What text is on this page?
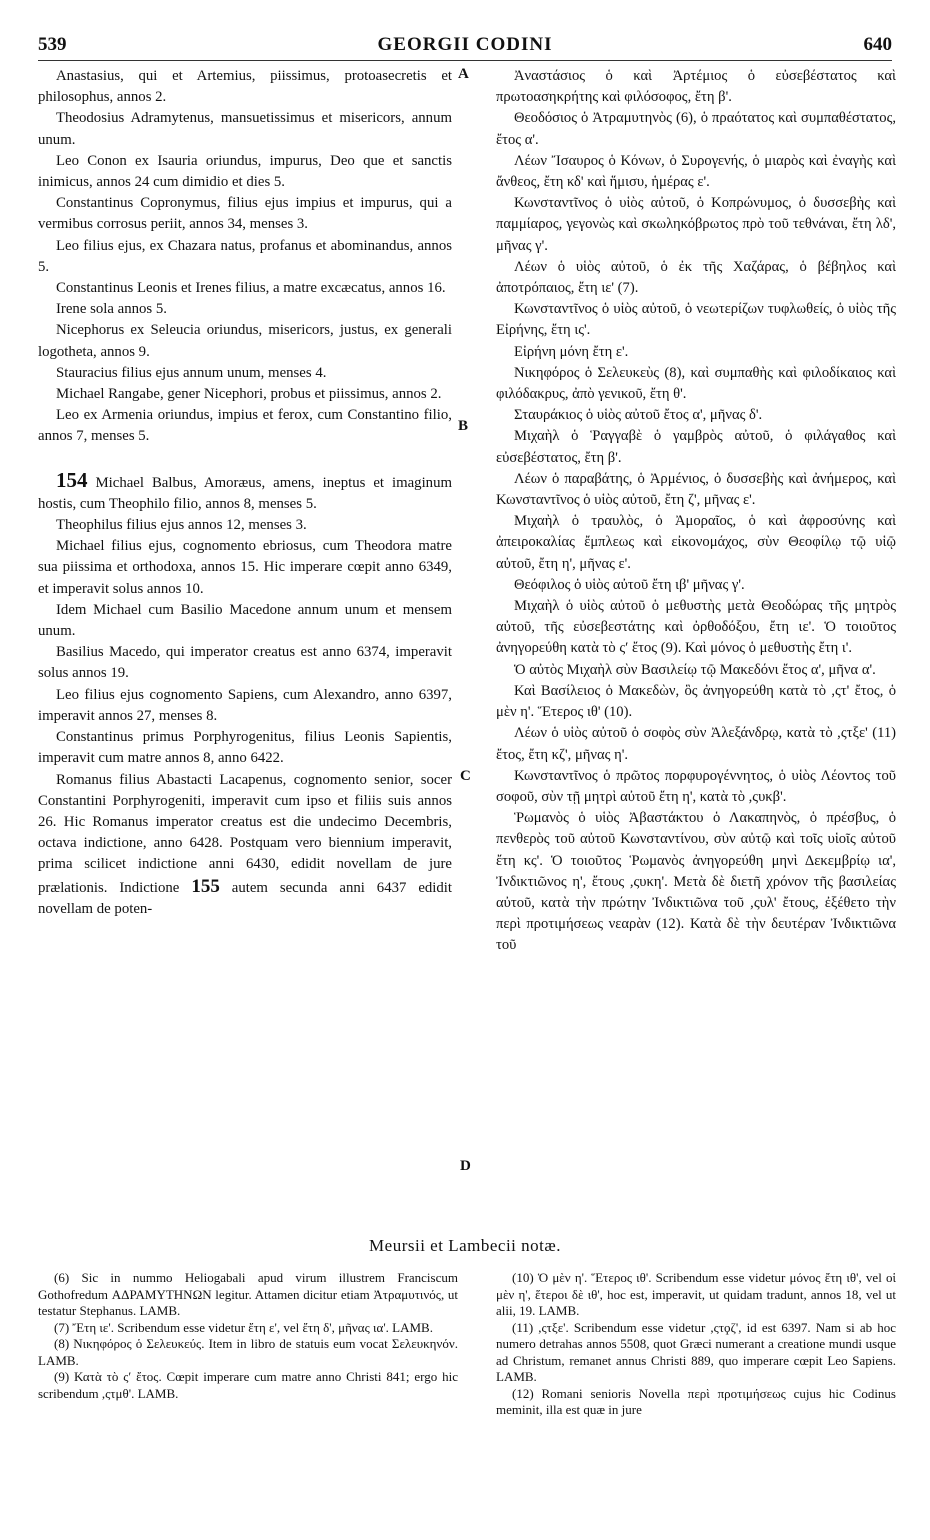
539	GEORGII CODINI	640

Anastasius, qui et Artemius, piissimus, protoasecretis et philosophus, annos 2.

Theodosius Adramytenus, mansuetissimus et misericors, annum unum.

Leo Conon ex Isauria oriundus, impurus, Deo que et sanctis inimicus, annos 24 cum dimidio et dies 5.

Constantinus Copronymus, filius ejus impius et impurus, qui a vermibus corrosus periit, annos 34, menses 3.

Leo filius ejus, ex Chazara natus, profanus et abominandus, annos 5.

Constantinus Leonis et Irenes filius, a matre excæcatus, annos 16.

Irene sola annos 5.

Nicephorus ex Seleucia oriundus, misericors, justus, ex generali logotheta, annos 9.

Stauracius filius ejus annum unum, menses 4.

Michael Rangabe, gener Nicephori, probus et piissimus, annos 2.

Leo ex Armenia oriundus, impius et ferox, cum Constantino filio, annos 7, menses 5.

154 Michael Balbus, Amoræus, amens, ineptus et imaginum hostis, cum Theophilo filio, annos 8, menses 5.

Theophilus filius ejus annos 12, menses 3.

Michael filius ejus, cognomento ebriosus, cum Theodora matre sua piissima et orthodoxa, annos 15. Hic imperare cœpit anno 6349, et imperavit solus annos 10.

Idem Michael cum Basilio Macedone annum unum et mensem unum.

Basilius Macedo, qui imperator creatus est anno 6374, imperavit solus annos 19.

Leo filius ejus cognomento Sapiens, cum Alexandro, anno 6397, imperavit annos 27, menses 8.

Constantinus primus Porphyrogenitus, filius Leonis Sapientis, imperavit cum matre annos 8, anno 6422.

Romanus filius Abastacti Lacapenus, cognomento senior, socer Constantini Porphyrogeniti, imperavit cum ipso et filiis suis annos 26. Hic Romanus imperator creatus est die undecimo Decembris, octava indictione, anno 6428. Postquam vero biennium imperavit, prima scilicet indictione anni 6430, edidit novellam de jure prælationis. Indictione 155 autem secunda anni 6437 edidit novellam de poten-

A
B
C
D

Ἀναστάσιος ὁ καὶ Ἀρτέμιος ὁ εὐσεβέστατος καὶ πρωτοασηκρήτης καὶ φιλόσοφος, ἔτη β'.

Θεοδόσιος ὁ Ἀτραμυτηνὸς (6), ὁ πραότατος καὶ συμπαθέστατος, ἔτος α'.

Λέων Ἴσαυρος ὁ Κόνων, ὁ Συρογενής, ὁ μιαρὸς καὶ ἐναγὴς καὶ ἄνθεος, ἔτη κδ' καὶ ἥμισυ, ἡμέρας ε'.

Κωνσταντῖνος ὁ υἱὸς αὐτοῦ, ὁ Κοπρώνυμος, ὁ δυσσεβὴς καὶ παμμίαρος, γεγονὼς καὶ σκωληκόβρωτος πρὸ τοῦ τεθνάναι, ἔτη λδ', μῆνας γ'.

Λέων ὁ υἱὸς αὐτοῦ, ὁ ἐκ τῆς Χαζάρας, ὁ βέβηλος καὶ ἀποτρόπαιος, ἔτη ιε' (7).

Κωνσταντῖνος ὁ υἱὸς αὐτοῦ, ὁ νεωτερίζων τυφλωθείς, ὁ υἱὸς τῆς Εἰρήνης, ἔτη ις'.

Εἰρήνη μόνη ἔτη ε'.

Νικηφόρος ὁ Σελευκεὺς (8), καὶ συμπαθὴς καὶ φιλοδίκαιος καὶ φιλόδακρυς, ἀπὸ γενικοῦ, ἔτη θ'.

Σταυράκιος ὁ υἱὸς αὐτοῦ ἔτος α', μῆνας δ'.

Μιχαὴλ ὁ Ῥαγγαβὲ ὁ γαμβρὸς αὐτοῦ, ὁ φιλάγαθος καὶ εὐσεβέστατος, ἔτη β'.

Λέων ὁ παραβάτης, ὁ Ἀρμένιος, ὁ δυσσεβὴς καὶ ἀνήμερος, καὶ Κωνσταντῖνος ὁ υἱὸς αὐτοῦ, ἔτη ζ', μῆνας ε'.

Μιχαὴλ ὁ τραυλὸς, ὁ Ἀμοραῖος, ὁ καὶ ἀφροσύνης καὶ ἀπειροκαλίας ἔμπλεως καὶ εἰκονομάχος, σὺν Θεοφίλῳ τῷ υἱῷ αὐτοῦ, ἔτη η', μῆνας ε'.

Θεόφιλος ὁ υἱὸς αὐτοῦ ἔτη ιβ' μῆνας γ'.

Μιχαὴλ ὁ υἱὸς αὐτοῦ ὁ μεθυστὴς μετὰ Θεοδώρας τῆς μητρὸς αὐτοῦ, τῆς εὐσεβεστάτης καὶ ὀρθοδόξου, ἔτη ιε'. Ὁ τοιοῦτος ἀνηγορεύθη κατὰ τὸ ςʹ ἔτος (9). Καὶ μόνος ὁ μεθυστὴς ἔτη ι'.

Ὁ αὐτὸς Μιχαὴλ σὺν Βασιλείῳ τῷ Μακεδόνι ἔτος α', μῆνα α'.

Καὶ Βασίλειος ὁ Μακεδὼν, ὃς ἀνηγορεύθη κατὰ τὸ ,ςτ' ἔτος, ὁ μὲν η'. Ἕτερος ιθ' (10).

Λέων ὁ υἱὸς αὐτοῦ ὁ σοφὸς σὺν Ἀλεξάνδρῳ, κατὰ τὸ ,ςτξε' (11) ἔτος, ἔτη κζ', μῆνας η'.

Κωνσταντῖνος ὁ πρῶτος πορφυρογέννητος, ὁ υἱὸς Λέοντος τοῦ σοφοῦ, σὺν τῇ μητρὶ αὐτοῦ ἔτη η', κατὰ τὸ ,ςυκβ'.

Ῥωμανὸς ὁ υἱὸς Ἀβαστάκτου ὁ Λακαπηνὸς, ὁ πρέσβυς, ὁ πενθερὸς τοῦ αὐτοῦ Κωνσταντίνου, σὺν αὐτῷ καὶ τοῖς υἱοῖς αὐτοῦ ἔτη κς'. Ὁ τοιοῦτος Ῥωμανὸς ἀνηγορεύθη μηνὶ Δεκεμβρίῳ ια', Ἰνδικτιῶνος η', ἔτους ,ςυκη'. Μετὰ δὲ διετῆ χρόνον τῆς βασιλείας αὐτοῦ, κατὰ τὴν πρώτην Ἰνδικτιῶνα τοῦ ,ςυλ' ἔτους, ἐξέθετο τὴν περὶ προτιμήσεως νεαρὰν (12). Κατὰ δὲ τὴν δευτέραν Ἰνδικτιῶνα τοῦ

Meursii et Lambecii notæ.

(6) Sic in nummo Heliogabali apud virum illustrem Franciscum Gothofredum ΑΔΡΑΜΥΤΗΝΩΝ legitur. Attamen dicitur etiam Ἀτραμυτινός, ut testatur Stephanus. LAMB.

(7) Ἔτη ιε'. Scribendum esse videtur ἔτη ε', vel ἔτη δ', μῆνας ια'. LAMB.

(8) Νικηφόρος ὁ Σελευκεύς. Item in libro de statuis eum vocat Σελευκηνόν. LAMB.

(9) Κατὰ τὸ ςʹ ἔτος. Cœpit imperare cum matre anno Christi 841; ergo hic scribendum ,ςτμθ'. LAMB.

(10) Ὁ μὲν η'. Ἕτερος ιθ'. Scribendum esse videtur μόνος ἔτη ιθ', vel οἱ μὲν η', ἕτεροι δὲ ιθ', hoc est, imperavit, ut quidam tradunt, annos 18, vel ut alii, 19. LAMB.

(11) ,ςτξε'. Scribendum esse videtur ,ςτϙζ', id est 6397. Nam si ab hoc numero detrahas annos 5508, quot Græci numerant a creatione mundi usque ad Christum, remanet annus Christi 889, quo imperare cœpit Leo Sapiens. LAMB.

(12) Romani senioris Novella περὶ προτιμήσεως cujus hic Codinus meminit, illa est quæ in jure
